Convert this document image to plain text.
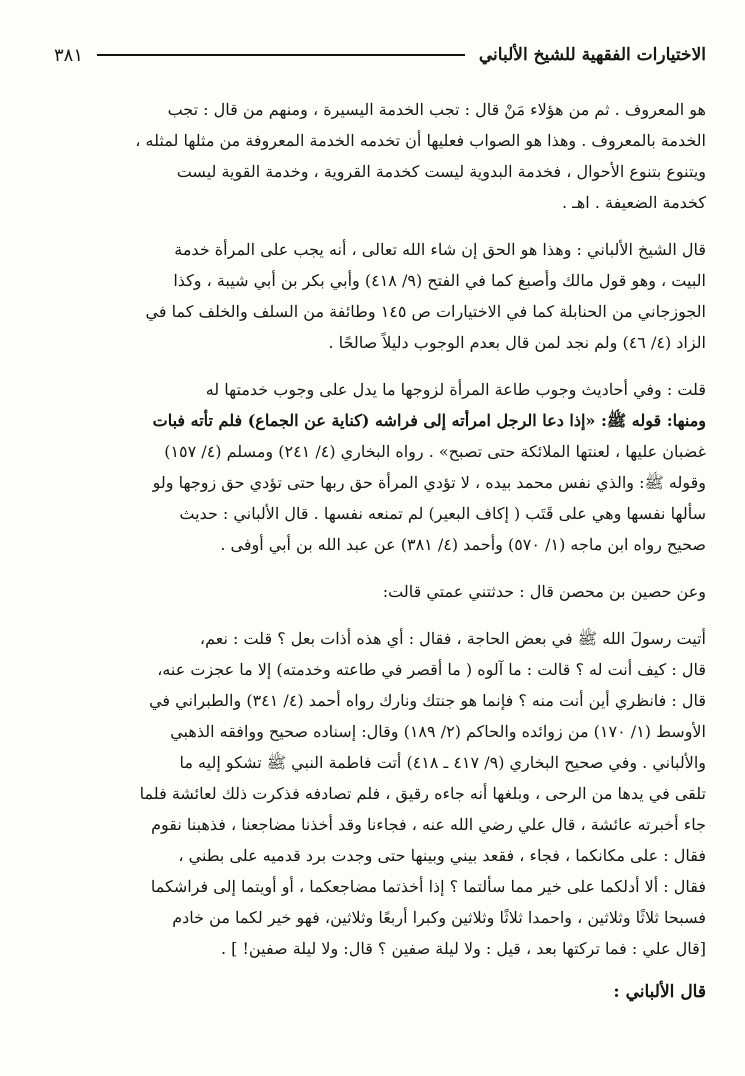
الاختيارات الفقهية للشيخ الألباني
٣٨١

هو المعروف . ثم من هؤلاء مَنْ قال : تجب الخدمة اليسيرة ، ومنهم من قال : تجب

الخدمة بالمعروف . وهذا هو الصواب فعليها أن تخدمه الخدمة المعروفة من مثلها لمثله ،

ويتنوع بتنوع الأحوال ، فخدمة البدوية ليست كخدمة القروية ، وخدمة القوية ليست

كخدمة الضعيفة . اهـ .

قال الشيخ الألباني : وهذا هو الحق إن شاء الله تعالى ، أنه يجب على المرأة خدمة

البيت ، وهو قول مالك وأصبغ كما في الفتح (٩/ ٤١٨) وأبي بكر بن أبي شيبة ، وكذا

الجوزجاني من الحنابلة كما في الاختيارات ص ١٤٥ وطائفة من السلف والخلف كما في

الزاد (٤/ ٤٦) ولم نجد لمن قال بعدم الوجوب دليلاً صالحًا .

قلت : وفي أحاديث وجوب طاعة المرأة لزوجها ما يدل على وجوب خدمتها له

ومنها: قوله ﷺ: «إذا دعا الرجل امرأته إلى فراشه (كناية عن الجماع) فلم تأته فبات

غضبان عليها ، لعنتها الملائكة حتى تصبح» . رواه البخاري (٤/ ٢٤١) ومسلم (٤/ ١٥٧)

وقوله ﷺ: والذي نفس محمد بيده ، لا تؤدي المرأة حق ربها حتى تؤدي حق زوجها ولو

سألها نفسها وهي على قَتَب ( إكاف البعير) لم تمنعه نفسها . قال الألباني : حديث

صحيح رواه ابن ماجه (١/ ٥٧٠) وأحمد (٤/ ٣٨١) عن عبد الله بن أبي أوفى .

وعن حصين بن محصن قال : حدثتني عمتي قالت:

أتيت رسولَ الله ﷺ في بعض الحاجة ، فقال : أي هذه أذات بعل ؟ قلت : نعم،

قال : كيف أنت له ؟ قالت : ما آلوه ( ما أقصر في طاعته وخدمته) إلا ما عجزت عنه،

قال : فانظري أين أنت منه ؟ فإنما هو جنتك ونارك رواه أحمد (٤/ ٣٤١) والطبراني في

الأوسط (١/ ١٧٠) من زوائده والحاكم (٢/ ١٨٩) وقال: إسناده صحيح ووافقه الذهبي

والألباني . وفي صحيح البخاري (٩/ ٤١٧ ـ ٤١٨) أتت فاطمة النبي ﷺ تشكو إليه ما

تلقى في يدها من الرحى ، وبلغها أنه جاءه رقيق ، فلم تصادفه فذكرت ذلك لعائشة فلما

جاء أخبرته عائشة ، قال علي رضي الله عنه ، فجاءنا وقد أخذنا مضاجعنا ، فذهبنا نقوم

فقال : على مكانكما ، فجاء ، فقعد بيني وبينها حتى وجدت برد قدميه على بطني ،

فقال : ألا أدلكما على خير مما سألتما ؟ إذا أخذتما مضاجعكما ، أو أويتما إلى فراشكما

فسبحا ثلاثًا وثلاثين ، واحمدا ثلاثًا وثلاثين وكبرا أربعًا وثلاثين، فهو خير لكما من خادم

[قال علي : فما تركتها بعد ، قيل : ولا ليلة صفين ؟ قال: ولا ليلة صفين! ] .

قال الألباني :
